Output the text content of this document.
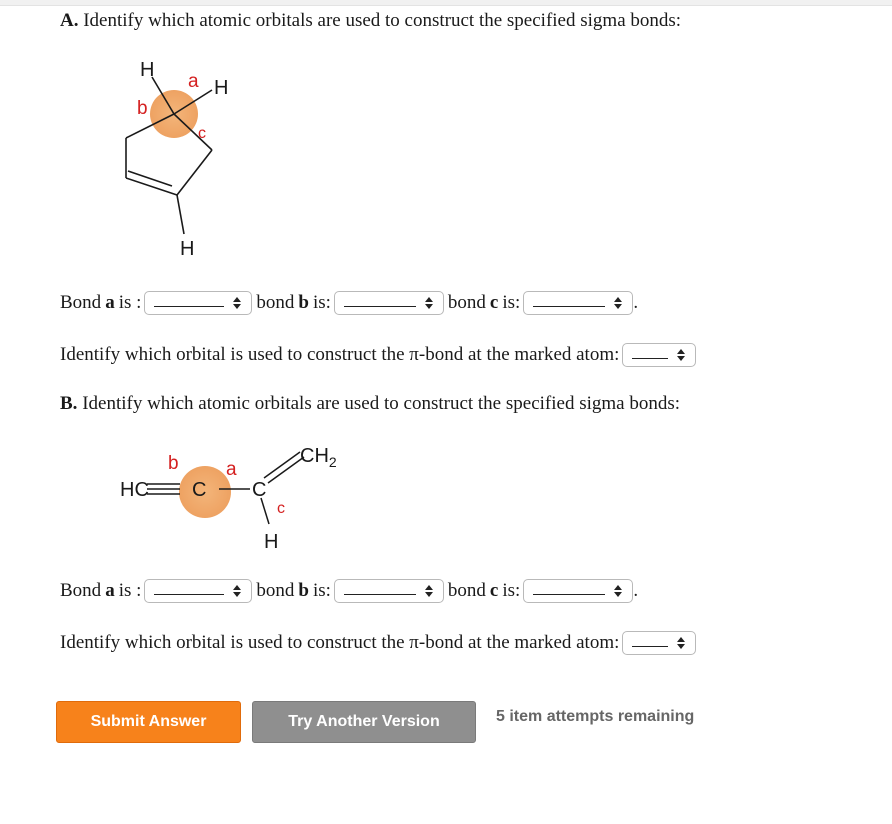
A. Identify which atomic orbitals are used to construct the specified sigma bonds:
H
H
H
a
b
c
Bond a is :	bond b is:	bond c is:	.
Identify which orbital is used to construct the π-bond at the marked atom:
B. Identify which atomic orbitals are used to construct the specified sigma bonds:
HC C C
$CH_2$
H
b a
c
Bond a is :	bond b is:	bond c is:	.
Identify which orbital is used to construct the π-bond at the marked atom:
Submit Answer	Try Another Version	5 item attempts remaining
